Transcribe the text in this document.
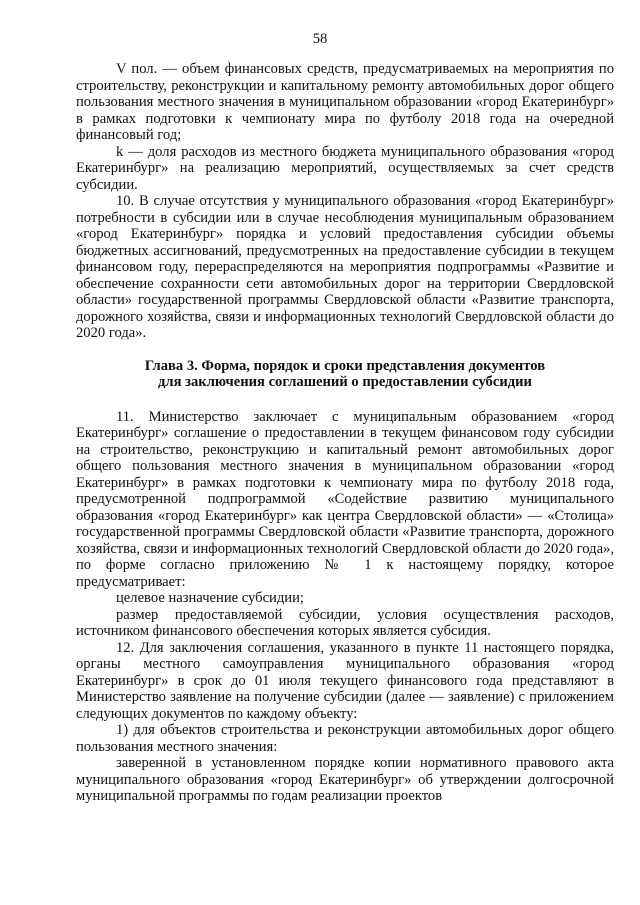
58

V пол. — объем финансовых средств, предусматриваемых на мероприятия по строительству, реконструкции и капитальному ремонту автомобильных дорог общего пользования местного значения в муниципальном образовании «город Екатеринбург» в рамках подготовки к чемпионату мира по футболу 2018 года на очередной финансовый год;

k — доля расходов из местного бюджета муниципального образования «город Екатеринбург» на реализацию мероприятий, осуществляемых за счет средств субсидии.

10. В случае отсутствия у муниципального образования «город Екатеринбург» потребности в субсидии или в случае несоблюдения муниципальным образованием «город Екатеринбург» порядка и условий предоставления субсидии объемы бюджетных ассигнований, предусмотренных на предоставление субсидии в текущем финансовом году, перераспределяются на мероприятия подпрограммы «Развитие и обеспечение сохранности сети автомобильных дорог на территории Свердловской области» государственной программы Свердловской области «Развитие транспорта, дорожного хозяйства, связи и информационных технологий Свердловской области до 2020 года».

Глава 3. Форма, порядок и сроки представления документов

для заключения соглашений о предоставлении субсидии

11. Министерство заключает с муниципальным образованием «город Екатеринбург» соглашение о предоставлении в текущем финансовом году субсидии на строительство, реконструкцию и капитальный ремонт автомобильных дорог общего пользования местного значения в муниципальном образовании «город Екатеринбург» в рамках подготовки к чемпионату мира по футболу 2018 года, предусмотренной подпрограммой «Содействие развитию муниципального образования «город Екатеринбург» как центра Свердловской области» — «Столица» государственной программы Свердловской области «Развитие транспорта, дорожного хозяйства, связи и информационных технологий Свердловской области до 2020 года», по форме согласно приложению № 1 к настоящему порядку, которое предусматривает:

целевое назначение субсидии;

размер предоставляемой субсидии, условия осуществления расходов, источником финансового обеспечения которых является субсидия.

12. Для заключения соглашения, указанного в пункте 11 настоящего порядка, органы местного самоуправления муниципального образования «город Екатеринбург» в срок до 01 июля текущего финансового года представляют в Министерство заявление на получение субсидии (далее — заявление) с приложением следующих документов по каждому объекту:

1) для объектов строительства и реконструкции автомобильных дорог общего пользования местного значения:

заверенной в установленном порядке копии нормативного правового акта муниципального образования «город Екатеринбург» об утверждении долгосрочной муниципальной программы по годам реализации проектов
